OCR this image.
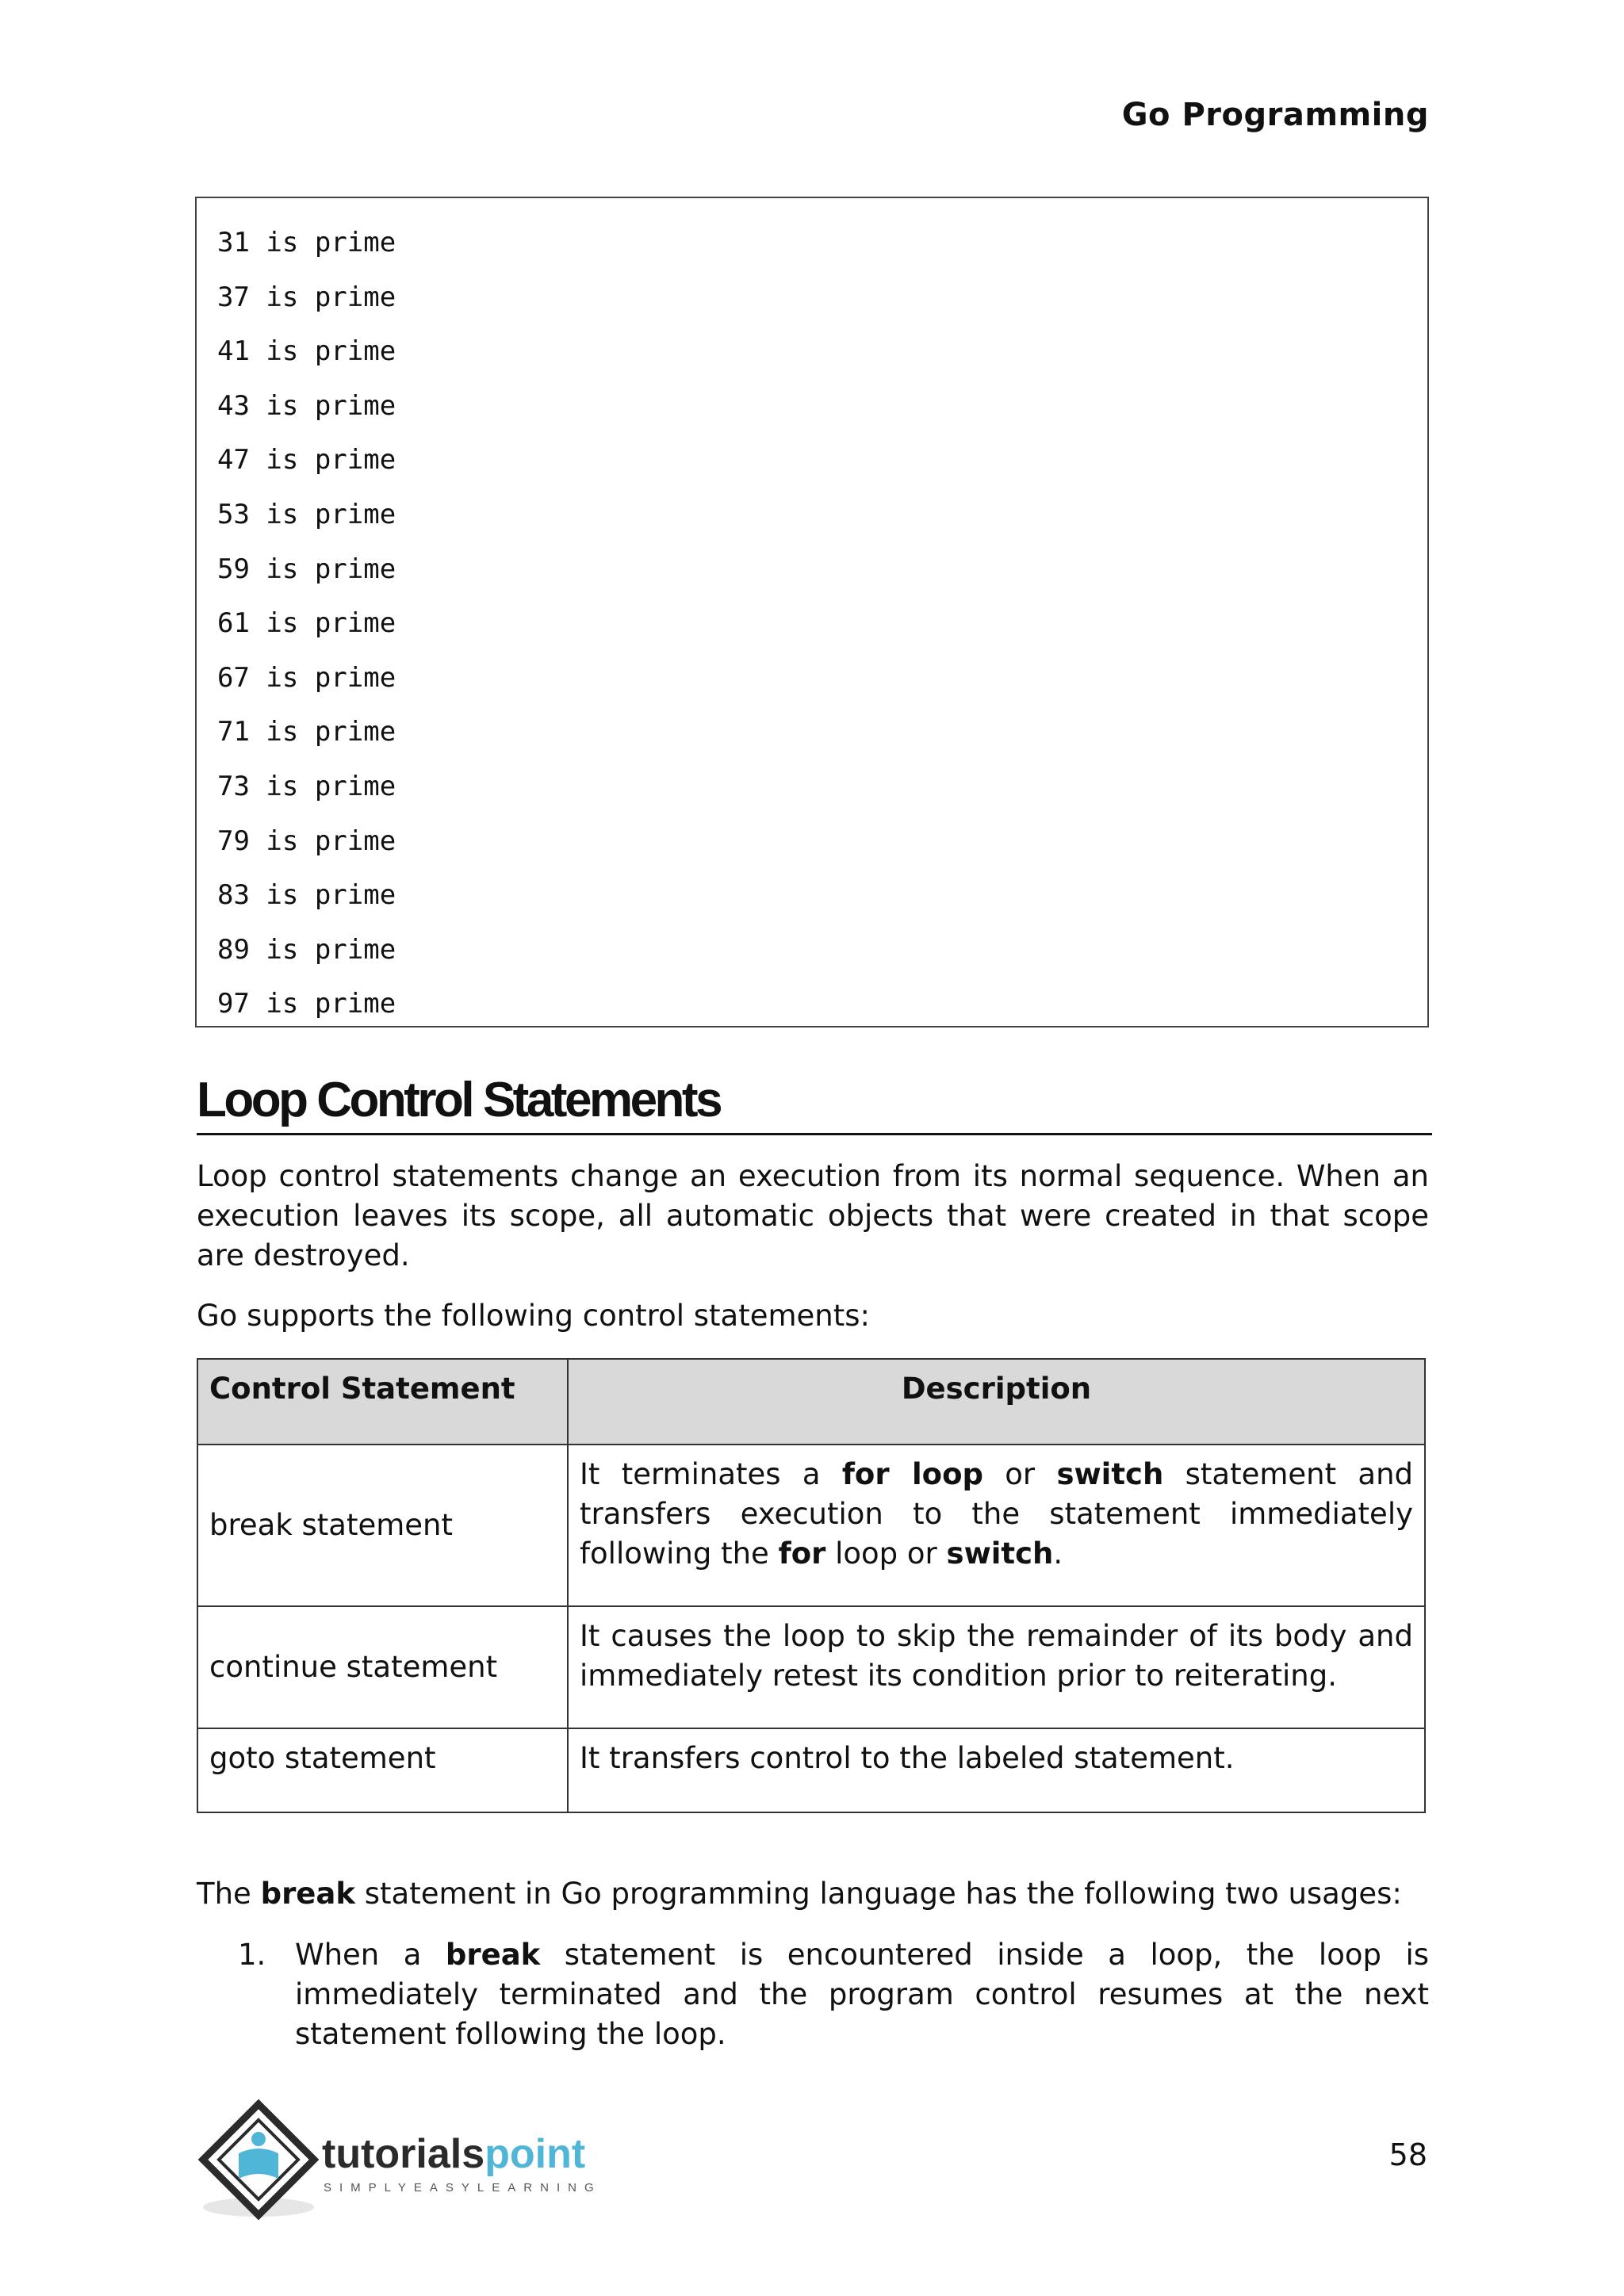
Go Programming
31 is prime
37 is prime
41 is prime
43 is prime
47 is prime
53 is prime
59 is prime
61 is prime
67 is prime
71 is prime
73 is prime
79 is prime
83 is prime
89 is prime
97 is prime
Loop Control Statements

Loop control statements change an execution from its normal sequence. When an execution leaves its scope, all automatic objects that were created in that scope are destroyed.

Go supports the following control statements:

Control Statement	Description
break statement	It terminates a for loop or switch statement and transfers execution to the statement immediately following the for loop or switch.
continue statement	It causes the loop to skip the remainder of its body and immediately retest its condition prior to reiterating.
goto statement	It transfers control to the labeled statement.

The break statement in Go programming language has the following two usages:

1. When a break statement is encountered inside a loop, the loop is immediately terminated and the program control resumes at the next statement following the loop.
tutorialspoint
SIMPLYEASYLEARNING
58
